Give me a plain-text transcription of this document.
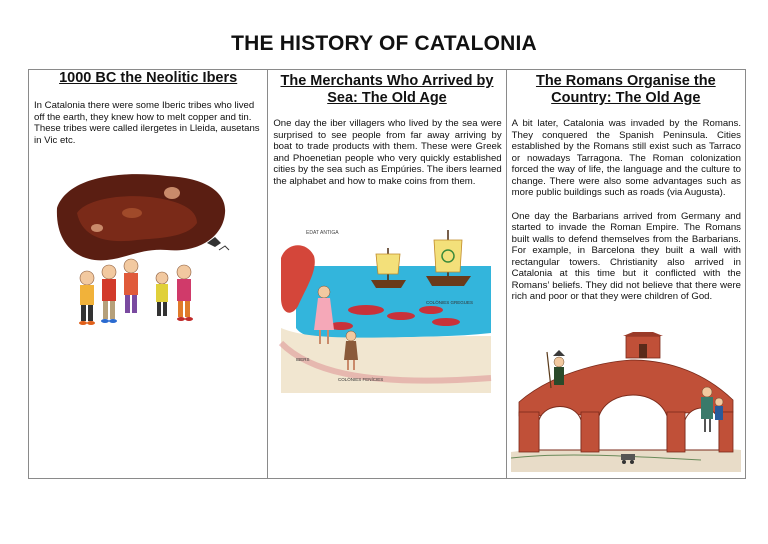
THE HISTORY OF CATALONIA
1000 BC the Neolitic Ibers
In Catalonia there were some Iberic tribes who lived off the earth, they knew how to melt copper and tin. These tribes were called ilergetes in Lleida, ausetans in Vic etc.
The Merchants Who Arrived by Sea: The Old Age
One day the iber villagers who lived by the sea were surprised to see people from far away arriving by boat to trade products with them. These were Greek and Phoenetian people who very quickly established cities by the sea such as Empúries. The ibers learned the alphabet and how to make coins from them.
EDAT ANTIGA
COLÒNIES GREGUES
IBERS
COLÒNIES FENÍCIES
The Romans Organise the Country: The Old Age
A bit later, Catalonia was invaded by the Romans. They conquered the Spanish Peninsula. Cities established by the Romans still exist such as Tarraco or nowadays Tarragona. The Roman colonization forced the way of life, the language and the culture to change. There were also some advantages such as more public buildings such as roads (via Augusta).
One day the Barbarians arrived from Germany and started to invade the Roman Empire. The Romans built walls to defend themselves from the Barbarians. For example, in Barcelona they built a wall with rectangular towers. Christianity also arrived in Catalonia at this time but it conflicted with the Romans’ beliefs. They did not believe that there were rich and poor or that they were children of God.
